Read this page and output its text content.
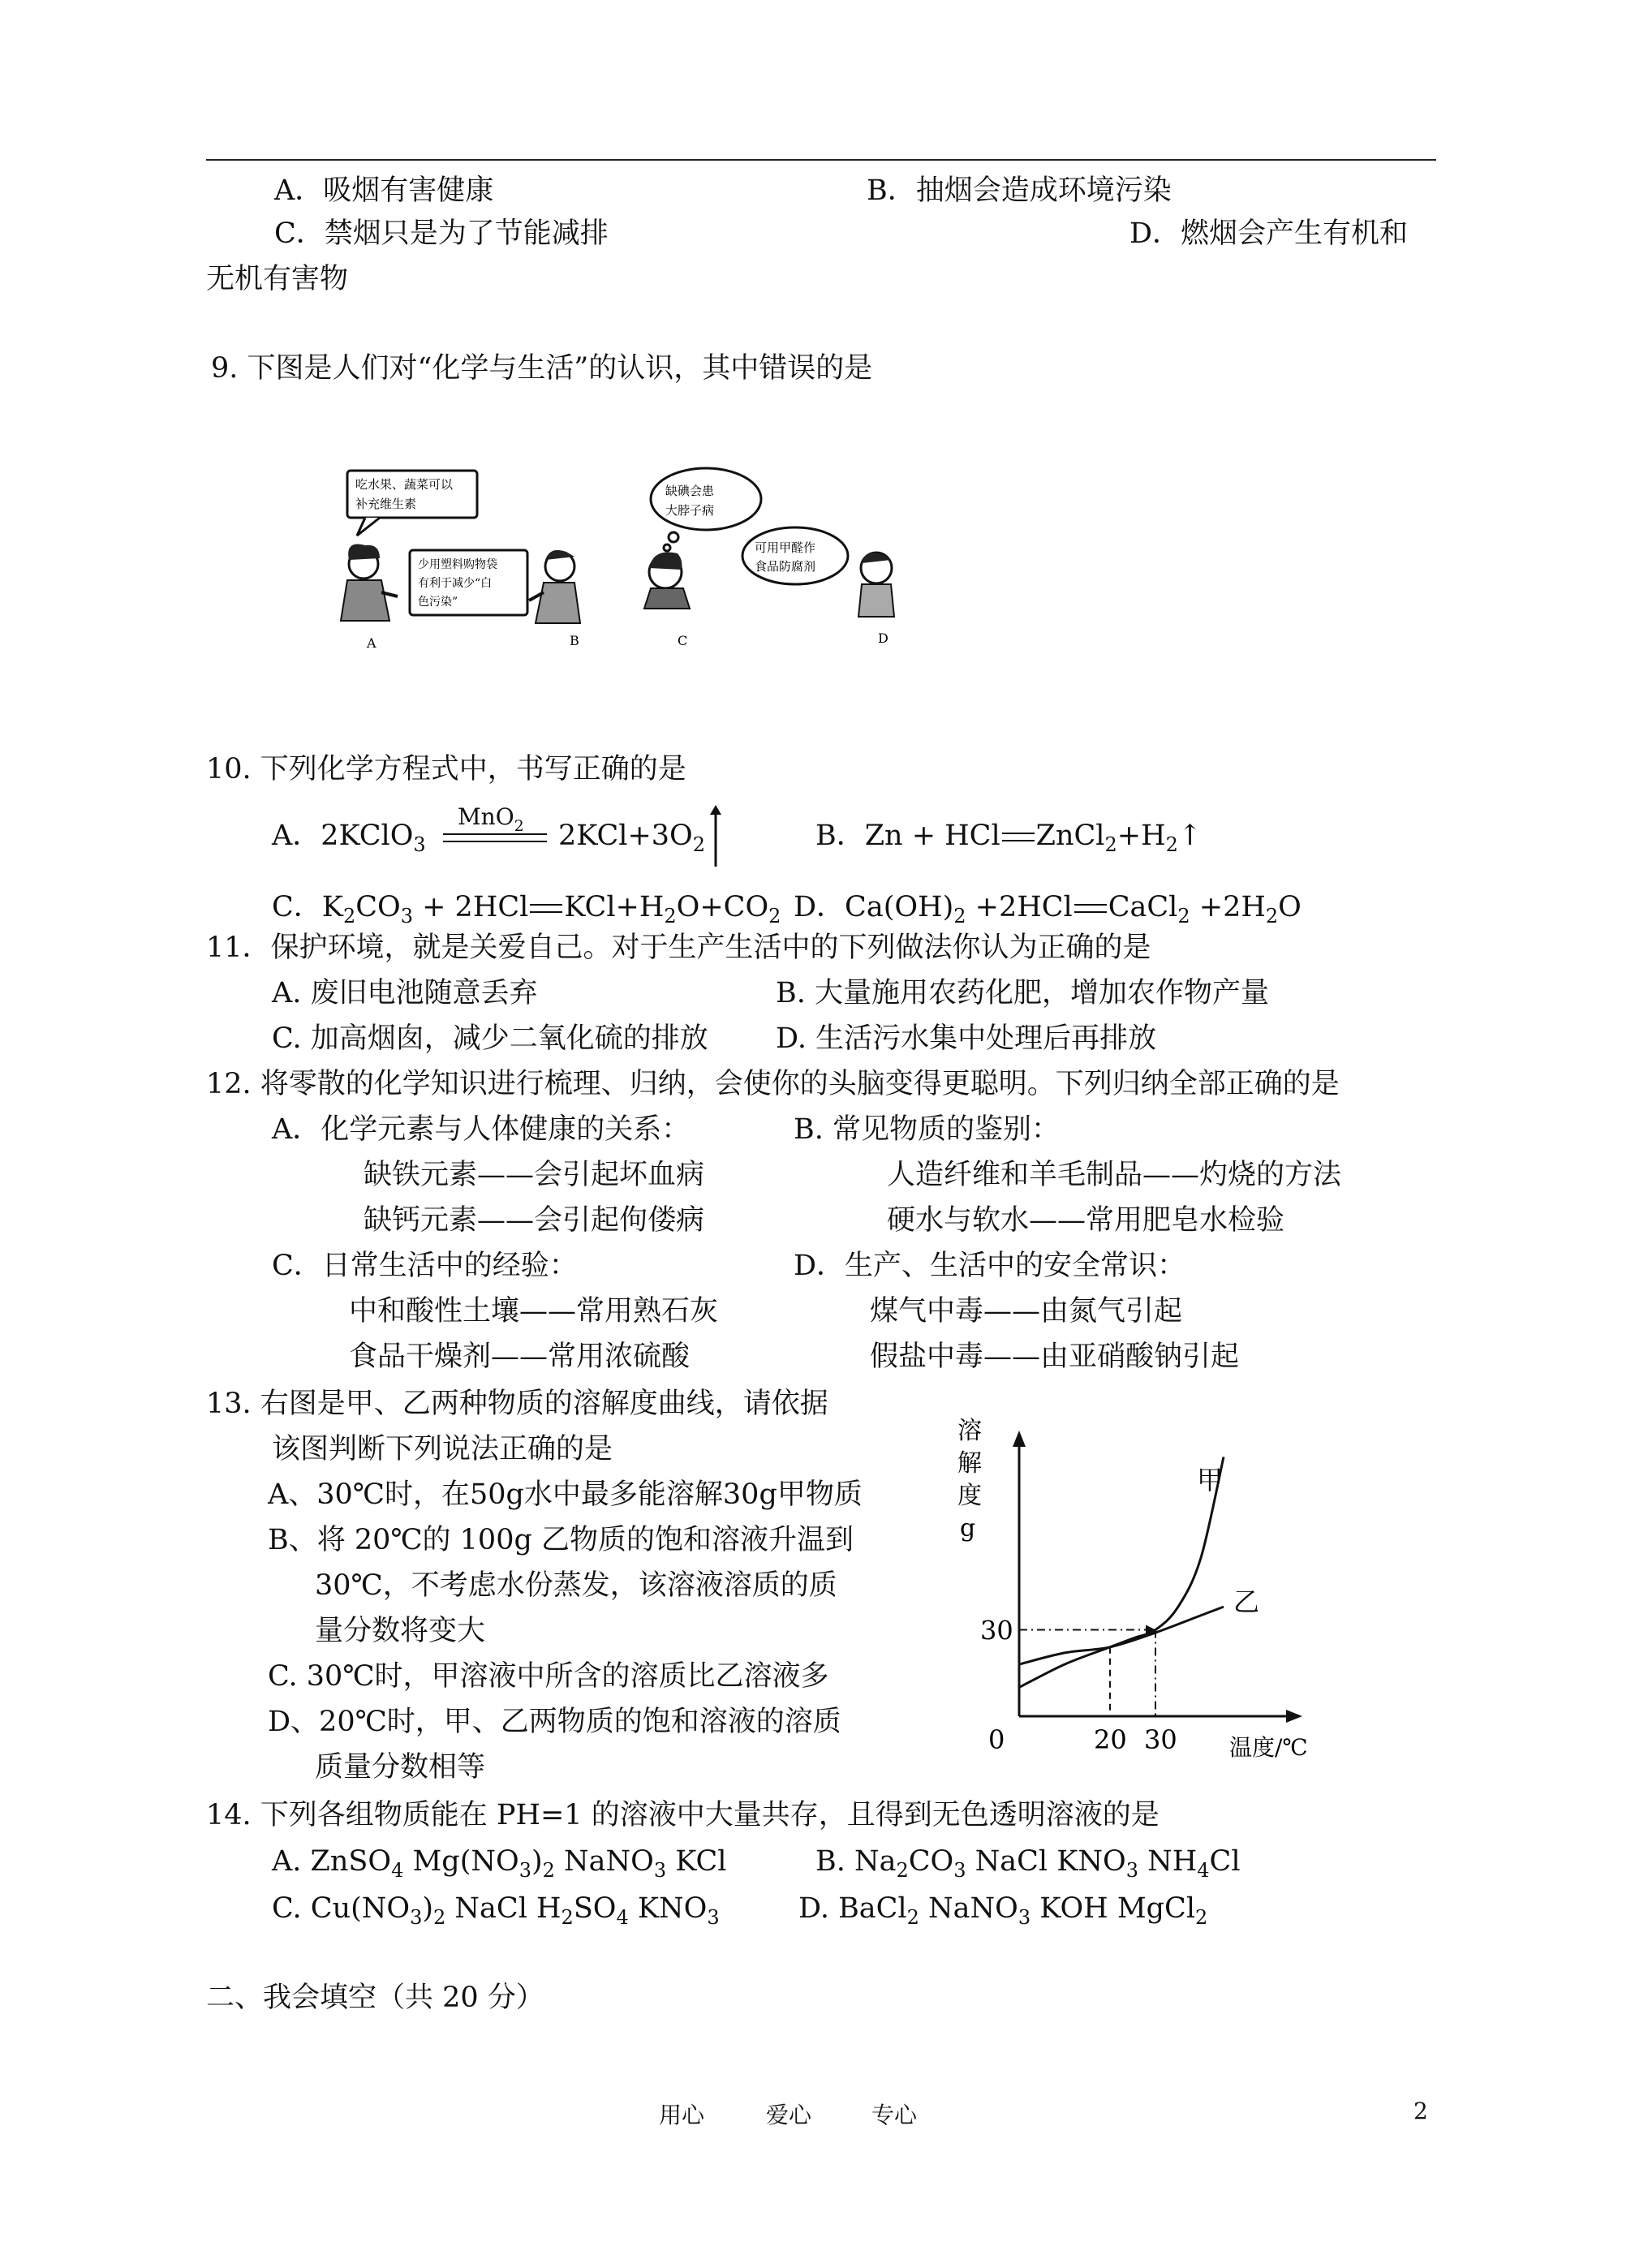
A．吸烟有害健康	B．抽烟会造成环境污染
C．禁烟只是为了节能减排	D．燃烟会产生有机和
无机有害物
9. 下图是人们对“化学与生活”的认识，其中错误的是
吃水果、蔬菜可以
补充维生素
少用塑料购物袋
有利于减少“白
色污染”
缺碘会患
大脖子病
可用甲醛作
食品防腐剂
A	B	C	D
10. 下列化学方程式中，书写正确的是
A．2KClO$_3$
MnO$_2$ $2KCl+3O_2$	B．Zn + HCl $ZnCl_2+H_2↑$
C．$K_2CO_3 + 2HCl$ $KCl+H_2O+CO_2$ D．$Ca(OH)_2 +2HCl$ CaCl$_2$ $+2H_2O$
11．保护环境，就是关爱自己。对于生产生活中的下列做法你认为正确的是
A. 废旧电池随意丢弃	B. 大量施用农药化肥，增加农作物产量
C. 加高烟囱，减少二氧化硫的排放 D. 生活污水集中处理后再排放
12. 将零散的化学知识进行梳理、归纳，会使你的头脑变得更聪明。下列归纳全部正确的是
A．化学元素与人体健康的关系：	B. 常见物质的鉴别：
缺铁元素——会引起坏血病	人造纤维和羊毛制品——灼烧的方法
缺钙元素——会引起佝偻病	硬水与软水——常用肥皂水检验
C．日常生活中的经验：	D．生产、生活中的安全常识：
中和酸性土壤——常用熟石灰	煤气中毒——由氮气引起
食品干燥剂——常用浓硫酸	假盐中毒——由亚硝酸钠引起
13. 右图是甲、乙两种物质的溶解度曲线，请依据
该图判断下列说法正确的是
A、30℃时，在50g水中最多能溶解30g甲物质
B、将 20℃的 100g 乙物质的饱和溶液升温到
30℃，不考虑水份蒸发，该溶液溶质的质
量分数将变大
C. 30℃时，甲溶液中所含的溶质比乙溶液多
D、20℃时，甲、乙两物质的饱和溶液的溶质
质量分数相等
溶
解
度
g
0	20 30
30
温度/℃
甲
乙
14. 下列各组物质能在 PH=1 的溶液中大量共存，且得到无色透明溶液的是
A. ZnSO$_4$ $Mg(NO_3)_2$ NaNO$_3$ KCl	B. $Na_2CO_3$ NaCl $KNO_3$ $NH_4Cl$
C. $Cu(NO_3)_2$ NaCl $H_2SO_4$ $KNO_3$	D. BaCl$_2$ NaNO$_3$ KOH MgCl$_2$
二、我会填空（共 20 分）
用心	爱心	专心	2
